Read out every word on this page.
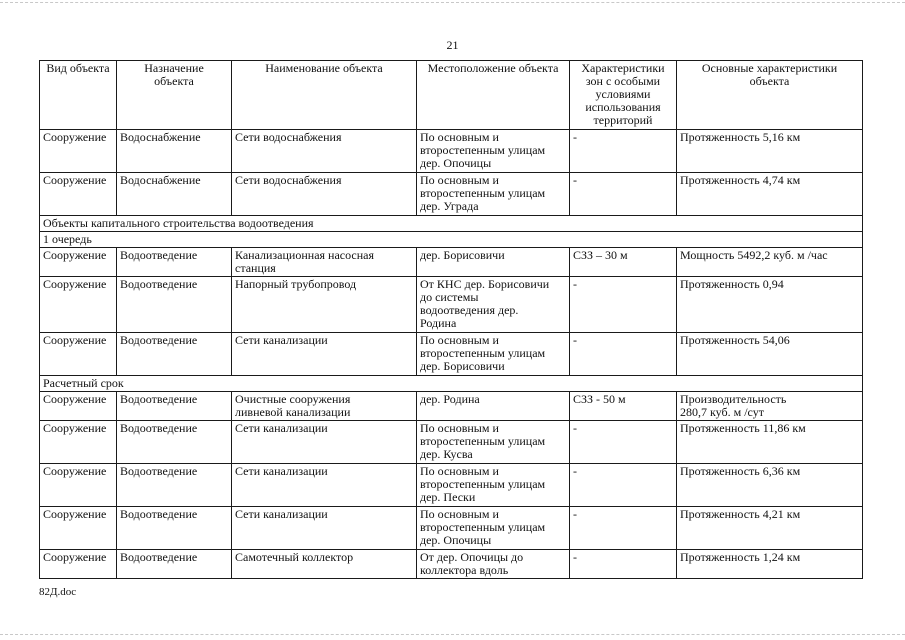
21
Вид объекта	Назначение
объекта	Наименование объекта	Местоположение объекта	Характеристики
зон с особыми
условиями
использования
территорий	Основные характеристики
объекта
Сооружение	Водоснабжение	Сети водоснабжения	По основным и
второстепенным улицам
дер. Опочицы	-	Протяженность 5,16 км
Сооружение	Водоснабжение	Сети водоснабжения	По основным и
второстепенным улицам
дер. Уграда	-	Протяженность 4,74 км
Объекты капитального строительства водоотведения					
1 очередь					
Сооружение	Водоотведение	Канализационная насосная
станция	дер. Борисовичи	СЗЗ – 30 м	Мощность 5492,2 куб. м /час
Сооружение	Водоотведение	Напорный трубопровод	От КНС дер. Борисовичи
до системы
водоотведения дер.
Родина	-	Протяженность 0,94
Сооружение	Водоотведение	Сети канализации	По основным и
второстепенным улицам
дер. Борисовичи	-	Протяженность 54,06
Расчетный срок					
Сооружение	Водоотведение	Очистные сооружения
ливневой канализации	дер. Родина	СЗЗ - 50 м	Производительность
280,7 куб. м /сут
Сооружение	Водоотведение	Сети канализации	По основным и
второстепенным улицам
дер. Кусва	-	Протяженность 11,86 км
Сооружение	Водоотведение	Сети канализации	По основным и
второстепенным улицам
дер. Пески	-	Протяженность 6,36 км
Сооружение	Водоотведение	Сети канализации	По основным и
второстепенным улицам
дер. Опочицы	-	Протяженность 4,21 км
Сооружение	Водоотведение	Самотечный коллектор	От дер. Опочицы до
коллектора вдоль	-	Протяженность 1,24 км
82Д.doc
